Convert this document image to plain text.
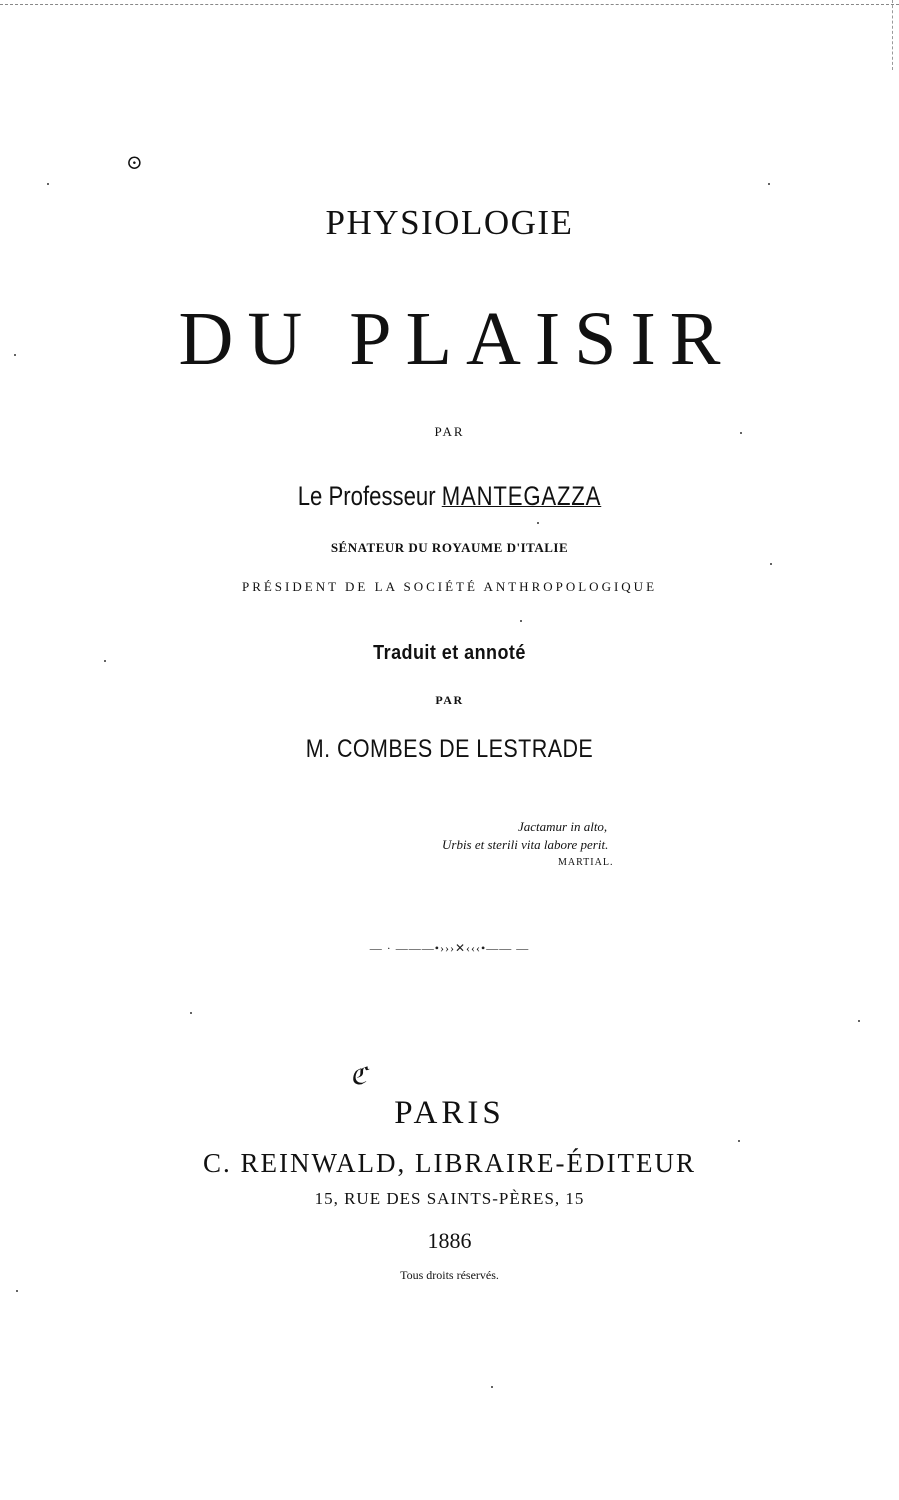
⊙
PHYSIOLOGIE
DU PLAISIR
PAR
Le Professeur MANTEGAZZA
SÉNATEUR DU ROYAUME D'ITALIE
PRÉSIDENT DE LA SOCIÉTÉ ANTHROPOLOGIQUE
Traduit et annoté
PAR
M. COMBES DE LESTRADE
Jactamur in alto,
Urbis et sterili vita labore perit.
MARTIAL.
— · ———•›››✕‹‹‹•—— —
ℭ
PARIS
C. REINWALD, LIBRAIRE-ÉDITEUR
15, RUE DES SAINTS-PÈRES, 15
1886
Tous droits réservés.
